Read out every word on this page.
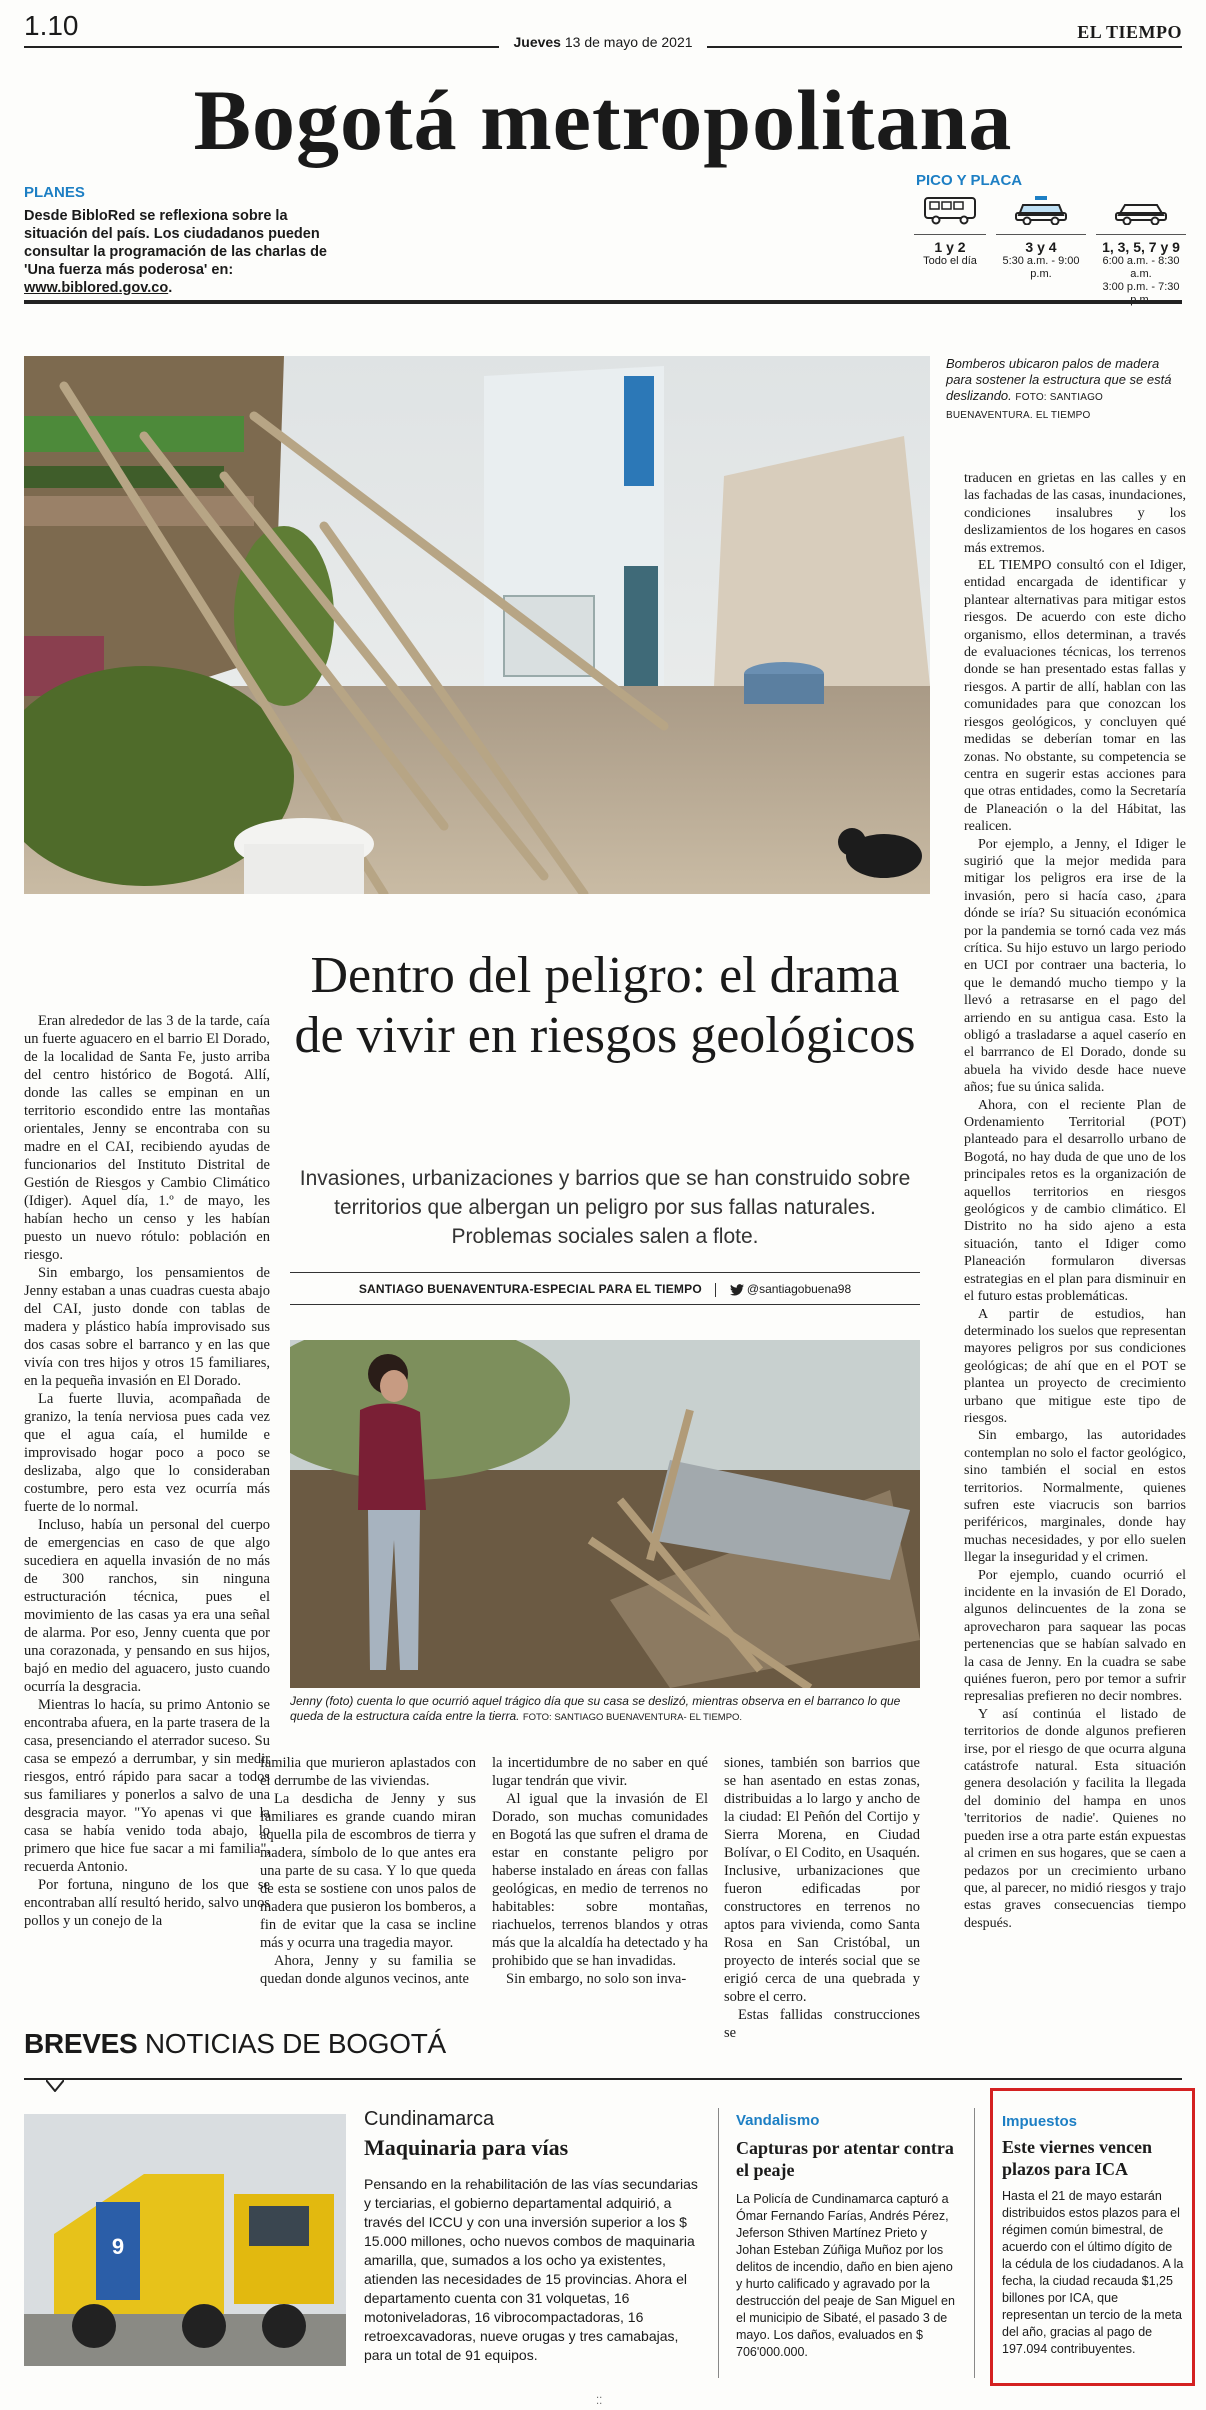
1.10
Jueves 13 de mayo de 2021	EL TIEMPO
Bogotá metropolitana
PLANES
Desde BibloRed se reflexiona sobre la situación del país. Los ciudadanos pueden consultar la programación de las charlas de 'Una fuerza más poderosa' en: www.biblored.gov.co.
PICO Y PLACA
1 y 2
Todo el día
3 y 4
5:30 a.m. - 9:00 p.m.
1, 3, 5, 7 y 9
6:00 a.m. - 8:30 a.m.
3:00 p.m. - 7:30
Bomberos ubicaron palos de madera para sostener la estructura que se está deslizando. FOTO: SANTIAGO BUENAVENTURA. EL TIEMPO
Dentro del peligro: el drama de vivir en riesgos geológicos
Invasiones, urbanizaciones y barrios que se han construido sobre territorios que albergan un peligro por sus fallas naturales. Problemas sociales salen a flote.
SANTIAGO BUENAVENTURA-ESPECIAL PARA EL TIEMPO	@santiagobuena98
Jenny (foto) cuenta lo que ocurrió aquel trágico día que su casa se deslizó, mientras observa en el barranco lo que queda de la estructura caída entre la tierra. FOTO: SANTIAGO BUENAVENTURA- EL TIEMPO.

Eran alrededor de las 3 de la tarde, caía un fuerte aguacero en el barrio El Dorado, de la localidad de Santa Fe, justo arriba del centro histórico de Bogotá. Allí, donde las calles se empinan en un territorio escondido entre las montañas orientales, Jenny se encontraba con su madre en el CAI, recibiendo ayudas de funcionarios del Instituto Distrital de Gestión de Riesgos y Cambio Climático (Idiger). Aquel día, 1.º de mayo, les habían hecho un censo y les habían puesto un nuevo rótulo: población en riesgo.

Sin embargo, los pensamientos de Jenny estaban a unas cuadras cuesta abajo del CAI, justo donde con tablas de madera y plástico había improvisado sus dos casas sobre el barranco y en las que vivía con tres hijos y otros 15 familiares, en la pequeña invasión en El Dorado.

La fuerte lluvia, acompañada de granizo, la tenía nerviosa pues cada vez que el agua caía, el humilde e improvisado hogar poco a poco se deslizaba, algo que lo consideraban costumbre, pero esta vez ocurría más fuerte de lo normal.

Incluso, había un personal del cuerpo de emergencias en caso de que algo sucediera en aquella invasión de no más de 300 ranchos, sin ninguna estructuración técnica, pues el movimiento de las casas ya era una señal de alarma. Por eso, Jenny cuenta que por una corazonada, y pensando en sus hijos, bajó en medio del aguacero, justo cuando ocurría la desgracia.

Mientras lo hacía, su primo Antonio se encontraba afuera, en la parte trasera de la casa, presenciando el aterrador suceso. Su casa se empezó a derrumbar, y sin medir riesgos, entró rápido para sacar a todos sus familiares y ponerlos a salvo de una desgracia mayor. "Yo apenas vi que la casa se había venido toda abajo, lo primero que hice fue sacar a mi familia", recuerda Antonio.

Por fortuna, ninguno de los que se encontraban allí resultó herido, salvo unos pollos y un conejo de la

familia que murieron aplastados con el derrumbe de las viviendas.

La desdicha de Jenny y sus familiares es grande cuando miran aquella pila de escombros de tierra y madera, símbolo de lo que antes era una parte de su casa. Y lo que queda de esta se sostiene con unos palos de madera que pusieron los bomberos, a fin de evitar que la casa se incline más y ocurra una tragedia mayor.

Ahora, Jenny y su familia se quedan donde algunos vecinos, ante

la incertidumbre de no saber en qué lugar tendrán que vivir.

Al igual que la invasión de El Dorado, son muchas comunidades en Bogotá las que sufren el drama de estar en constante peligro por haberse instalado en áreas con fallas geológicas, en medio de terrenos no habitables: sobre montañas, riachuelos, terrenos blandos y otras más que la alcaldía ha detectado y ha prohibido que se han invadidas.

Sin embargo, no solo son inva-

siones, también son barrios que se han asentado en estas zonas, distribuidas a lo largo y ancho de la ciudad: El Peñón del Cortijo y Sierra Morena, en Ciudad Bolívar, o El Codito, en Usaquén. Inclusive, urbanizaciones que fueron edificadas por constructores en terrenos no aptos para vivienda, como Santa Rosa en San Cristóbal, un proyecto de interés social que se erigió cerca de una quebrada y sobre el cerro.

Estas fallidas construcciones se

traducen en grietas en las calles y en las fachadas de las casas, inundaciones, condiciones insalubres y los deslizamientos de los hogares en casos más extremos.

EL TIEMPO consultó con el Idiger, entidad encargada de identificar y plantear alternativas para mitigar estos riesgos. De acuerdo con este dicho organismo, ellos determinan, a través de evaluaciones técnicas, los terrenos donde se han presentado estas fallas y riesgos. A partir de allí, hablan con las comunidades para que conozcan los riesgos geológicos, y concluyen qué medidas se deberían tomar en las zonas. No obstante, su competencia se centra en sugerir estas acciones para que otras entidades, como la Secretaría de Planeación o la del Hábitat, las realicen.

Por ejemplo, a Jenny, el Idiger le sugirió que la mejor medida para mitigar los peligros era irse de la invasión, pero si hacía caso, ¿para dónde se iría? Su situación económica por la pandemia se tornó cada vez más crítica. Su hijo estuvo un largo periodo en UCI por contraer una bacteria, lo que le demandó mucho tiempo y la llevó a retrasarse en el pago del arriendo en su antigua casa. Esto la obligó a trasladarse a aquel caserío en el barrranco de El Dorado, donde su abuela ha vivido desde hace nueve años; fue su única salida.

Ahora, con el reciente Plan de Ordenamiento Territorial (POT) planteado para el desarrollo urbano de Bogotá, no hay duda de que uno de los principales retos es la organización de aquellos territorios en riesgos geológicos y de cambio climático. El Distrito no ha sido ajeno a esta situación, tanto el Idiger como Planeación formularon diversas estrategias en el plan para disminuir en el futuro estas problemáticas.

A partir de estudios, han determinado los suelos que representan mayores peligros por sus condiciones geológicas; de ahí que en el POT se plantea un proyecto de crecimiento urbano que mitigue este tipo de riesgos.

Sin embargo, las autoridades contemplan no solo el factor geológico, sino también el social en estos territorios. Normalmente, quienes sufren este viacrucis son barrios periféricos, marginales, donde hay muchas necesidades, y por ello suelen llegar la inseguridad y el crimen.

Por ejemplo, cuando ocurrió el incidente en la invasión de El Dorado, algunos delincuentes de la zona se aprovecharon para saquear las pocas pertenencias que se habían salvado en la casa de Jenny. En la cuadra se sabe quiénes fueron, pero por temor a sufrir represalias prefieren no decir nombres.

Y así continúa el listado de territorios de donde algunos prefieren irse, por el riesgo de que ocurra alguna catástrofe natural. Esta situación genera desolación y facilita la llegada del dominio del hampa en unos 'territorios de nadie'. Quienes no pueden irse a otra parte están expuestas al crimen en sus hogares, que se caen a pedazos por un crecimiento urbano que, al parecer, no midió riesgos y trajo estas graves consecuencias tiempo después.

BREVES NOTICIAS DE BOGOTÁ
9
Cundinamarca
Maquinaria para vías
Pensando en la rehabilitación de las vías secundarias y terciarias, el gobierno departamental adquirió, a través del ICCU y con una inversión superior a los $ 15.000 millones, ocho nuevos combos de maquinaria amarilla, que, sumados a los ocho ya existentes, atienden las necesidades de 15 provincias. Ahora el departamento cuenta con 31 volquetas, 16 motoniveladoras, 16 vibrocompactadoras, 16 retroexcavadoras, nueve orugas y tres camabajas, para un total de 91 equipos.
Vandalismo
Capturas por atentar contra el peaje
La Policía de Cundinamarca capturó a Ómar Fernando Farías, Andrés Pérez, Jeferson Sthiven Martínez Prieto y Johan Esteban Zúñiga Muñoz por los delitos de incendio, daño en bien ajeno y hurto calificado y agravado por la destrucción del peaje de San Miguel en el municipio de Sibaté, el pasado 3 de mayo. Los daños, evaluados en $ 706'000.000.
Impuestos
Este viernes vencen plazos para ICA
Hasta el 21 de mayo estarán distribuidos estos plazos para el régimen común bimestral, de acuerdo con el último dígito de la cédula de los ciudadanos. A la fecha, la ciudad recauda $1,25 billones por ICA, que representan un tercio de la meta del año, gracias al pago de 197.094 contribuyentes.
⁚⁚
